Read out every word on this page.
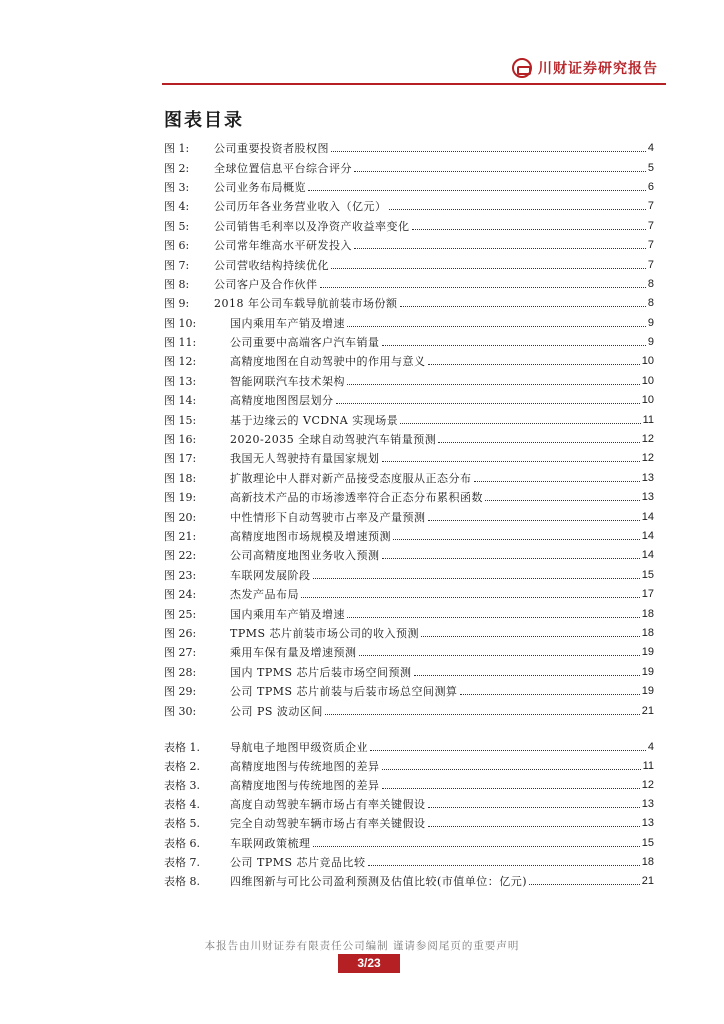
川财证券研究报告
图表目录
图 1:	公司重要投资者股权图	4
图 2:	全球位置信息平台综合评分	5
图 3:	公司业务布局概览	6
图 4:	公司历年各业务营业收入（亿元）	7
图 5:	公司销售毛利率以及净资产收益率变化	7
图 6:	公司常年维高水平研发投入	7
图 7:	公司营收结构持续优化	7
图 8:	公司客户及合作伙伴	8
图 9:	2018 年公司车载导航前装市场份额	8
图 10:	国内乘用车产销及增速	9
图 11:	公司重要中高端客户汽车销量	9
图 12:	高精度地图在自动驾驶中的作用与意义	10
图 13:	智能网联汽车技术架构	10
图 14:	高精度地图图层划分	10
图 15:	基于边缘云的 VCDNA 实现场景	11
图 16:	2020-2035 全球自动驾驶汽车销量预测	12
图 17:	我国无人驾驶持有量国家规划	12
图 18:	扩散理论中人群对新产品接受态度服从正态分布	13
图 19:	高新技术产品的市场渗透率符合正态分布累积函数	13
图 20:	中性情形下自动驾驶市占率及产量预测	14
图 21:	高精度地图市场规模及增速预测	14
图 22:	公司高精度地图业务收入预测	14
图 23:	车联网发展阶段	15
图 24:	杰发产品布局	17
图 25:	国内乘用车产销及增速	18
图 26:	TPMS 芯片前装市场公司的收入预测	18
图 27:	乘用车保有量及增速预测	19
图 28:	国内 TPMS 芯片后装市场空间预测	19
图 29:	公司 TPMS 芯片前装与后装市场总空间测算	19
图 30:	公司 PS 波动区间	21
表格 1.	导航电子地图甲级资质企业	4
表格 2.	高精度地图与传统地图的差异	11
表格 3.	高精度地图与传统地图的差异	12
表格 4.	高度自动驾驶车辆市场占有率关键假设	13
表格 5.	完全自动驾驶车辆市场占有率关键假设	13
表格 6.	车联网政策梳理	15
表格 7.	公司 TPMS 芯片竞品比较	18
表格 8.	四维图新与可比公司盈利预测及估值比较(市值单位：亿元)	21
本报告由川财证券有限责任公司编制 谨请参阅尾页的重要声明
3/23
